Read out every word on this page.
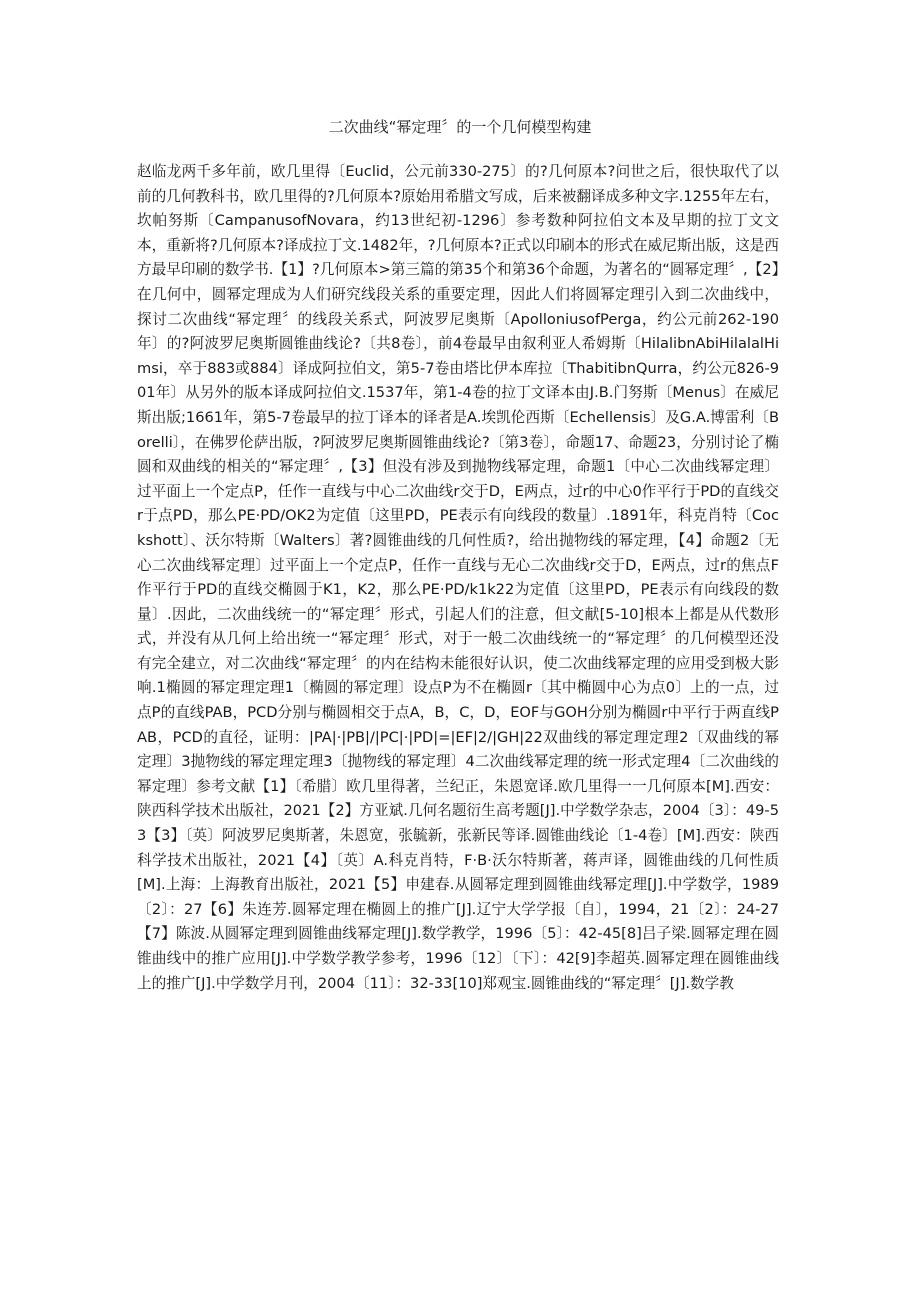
二次曲线“幂定理〞的一个几何模型构建

赵临龙两千多年前，欧几里得〔Euclid，公元前330-275〕的?几何原本?问世之后，很快取代了以前的几何教科书，欧几里得的?几何原本?原始用希腊文写成，后来被翻译成多种文字.1255年左右，坎帕努斯〔CampanusofNovara，约13世纪初-1296〕参考数种阿拉伯文本及早期的拉丁文文本，重新将?几何原本?译成拉丁文.1482年，?几何原本?正式以印刷本的形式在威尼斯出版，这是西方最早印刷的数学书.【1】?几何原本>第三篇的第35个和第36个命题，为著名的“圆幂定理〞,【2】在几何中，圆幂定理成为人们研究线段关系的重要定理，因此人们将圆幂定理引入到二次曲线中，探讨二次曲线“幂定理〞的线段关系式，阿波罗尼奥斯〔ApolloniusofPerga，约公元前262-190年〕的?阿波罗尼奥斯圆锥曲线论?〔共8卷〕，前4卷最早由叙利亚人希姆斯〔HilalibnAbiHilalalHimsi，卒于883或884〕译成阿拉伯文，第5-7卷由塔比伊本库拉〔ThabitibnQurra，约公元826-901年〕从另外的版本译成阿拉伯文.1537年，第1-4卷的拉丁文译本由J.B.门努斯〔Menus〕在威尼斯出版;1661年，第5-7卷最早的拉丁译本的译者是A.埃凯伦西斯〔Echellensis〕及G.A.博雷利〔Borelli〕，在佛罗伦萨出版，?阿波罗尼奥斯圆锥曲线论?〔第3卷〕，命题17、命题23，分别讨论了椭圆和双曲线的相关的“幂定理〞,【3】但没有涉及到抛物线幂定理，命题1〔中心二次曲线幂定理〕过平面上一个定点P，任作一直线与中心二次曲线r交于D，E两点，过r的中心0作平行于PD的直线交r于点PD，那么PE·PD/OK2为定值〔这里PD，PE表示有向线段的数量〕.1891年，科克肖特〔Cockshott〕、沃尔特斯〔Walters〕著?圆锥曲线的几何性质?，给出抛物线的幂定理，【4】命题2〔无心二次曲线幂定理〕过平面上一个定点P，任作一直线与无心二次曲线r交于D，E两点，过r的焦点F作平行于PD的直线交椭圆于K1，K2，那么PE·PD/k1k22为定值〔这里PD，PE表示有向线段的数量〕.因此，二次曲线统一的“幂定理〞形式，引起人们的注意，但文献[5-10]根本上都是从代数形式，并没有从几何上给出统一“幂定理〞形式，对于一般二次曲线统一的“幂定理〞的几何模型还没有完全建立，对二次曲线“幂定理〞的内在结构未能很好认识，使二次曲线幂定理的应用受到极大影响.1椭圆的幂定理定理1〔椭圆的幂定理〕设点P为不在椭圆r〔其中椭圆中心为点0〕上的一点，过点P的直线PAB，PCD分别与椭圆相交于点A，B，C，D，EOF与GOH分别为椭圆r中平行于两直线PAB，PCD的直径，证明：|PA|·|PB|/|PC|·|PD|=|EF|2/|GH|22双曲线的幂定理定理2〔双曲线的幂定理〕3抛物线的幂定理定理3〔抛物线的幂定理〕4二次曲线幂定理的统一形式定理4〔二次曲线的幂定理〕参考文献【1】〔希腊〕欧几里得著，兰纪正，朱恩宽译.欧几里得一一几何原本[M].西安：陕西科学技术出版社，2021【2】方亚斌.几何名题衍生高考题[J].中学数学杂志，2004〔3〕：49-53【3】〔英〕阿波罗尼奥斯著，朱恩宽，张毓新，张新民等译.圆锥曲线论〔1-4卷〕[M].西安：陕西科学技术出版社，2021【4】〔英〕A.科克肖特，F·B·沃尔特斯著，蒋声译，圆锥曲线的几何性质[M].上海：上海教育出版社，2021【5】申建春.从圆幂定理到圆锥曲线幂定理[J].中学数学，1989〔2〕：27【6】朱连芳.圆幂定理在椭圆上的推广[J].辽宁大学学报〔自〕，1994，21〔2〕：24-27【7】陈波.从圆幂定理到圆锥曲线幂定理[J].数学教学，1996〔5〕：42-45[8]吕子梁.圆幂定理在圆锥曲线中的推广应用[J].中学数学教学参考，1996〔12〕〔下〕：42[9]李超英.圆幂定理在圆锥曲线上的推广[J].中学数学月刊，2004〔11〕：32-33[10]郑观宝.圆锥曲线的“幂定理〞[J].数学教
